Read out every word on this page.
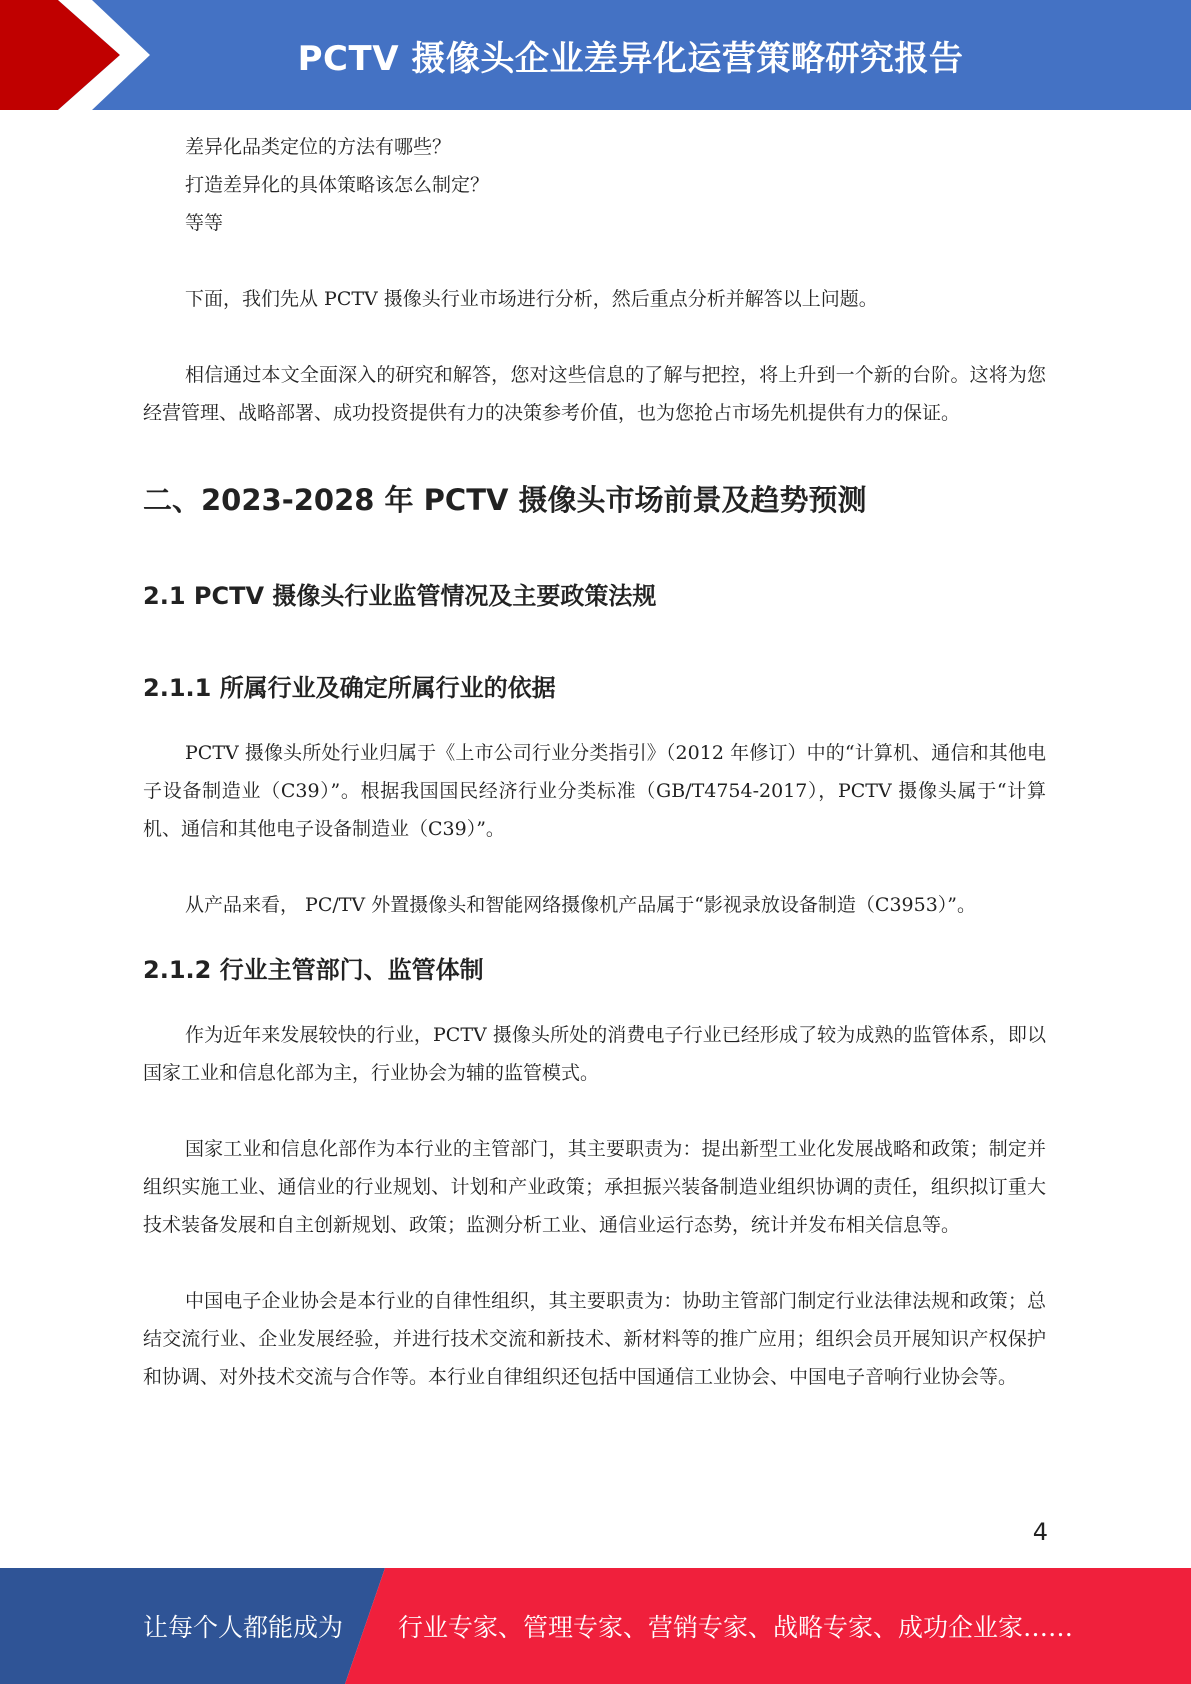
PCTV 摄像头企业差异化运营策略研究报告

差异化品类定位的方法有哪些？

打造差异化的具体策略该怎么制定？

等等

下面，我们先从 PCTV 摄像头行业市场进行分析，然后重点分析并解答以上问题。

相信通过本文全面深入的研究和解答，您对这些信息的了解与把控，将上升到一个新的台阶。这将为您经营管理、战略部署、成功投资提供有力的决策参考价值，也为您抢占市场先机提供有力的保证。

二、2023-2028 年 PCTV 摄像头市场前景及趋势预测
2.1 PCTV 摄像头行业监管情况及主要政策法规
2.1.1 所属行业及确定所属行业的依据

PCTV 摄像头所处行业归属于《上市公司行业分类指引》（2012 年修订）中的“计算机、通信和其他电子设备制造业（C39）”。根据我国国民经济行业分类标准（GB/T4754-2017），PCTV 摄像头属于“计算机、通信和其他电子设备制造业（C39）”。

从产品来看， PC/TV 外置摄像头和智能网络摄像机产品属于“影视录放设备制造（C3953）”。

2.1.2 行业主管部门、监管体制

作为近年来发展较快的行业，PCTV 摄像头所处的消费电子行业已经形成了较为成熟的监管体系，即以国家工业和信息化部为主，行业协会为辅的监管模式。

国家工业和信息化部作为本行业的主管部门，其主要职责为：提出新型工业化发展战略和政策；制定并组织实施工业、通信业的行业规划、计划和产业政策；承担振兴装备制造业组织协调的责任，组织拟订重大技术装备发展和自主创新规划、政策；监测分析工业、通信业运行态势，统计并发布相关信息等。

中国电子企业协会是本行业的自律性组织，其主要职责为：协助主管部门制定行业法律法规和政策；总结交流行业、企业发展经验，并进行技术交流和新技术、新材料等的推广应用；组织会员开展知识产权保护和协调、对外技术交流与合作等。本行业自律组织还包括中国通信工业协会、中国电子音响行业协会等。

4
让每个人都能成为 行业专家、管理专家、营销专家、战略专家、成功企业家……
